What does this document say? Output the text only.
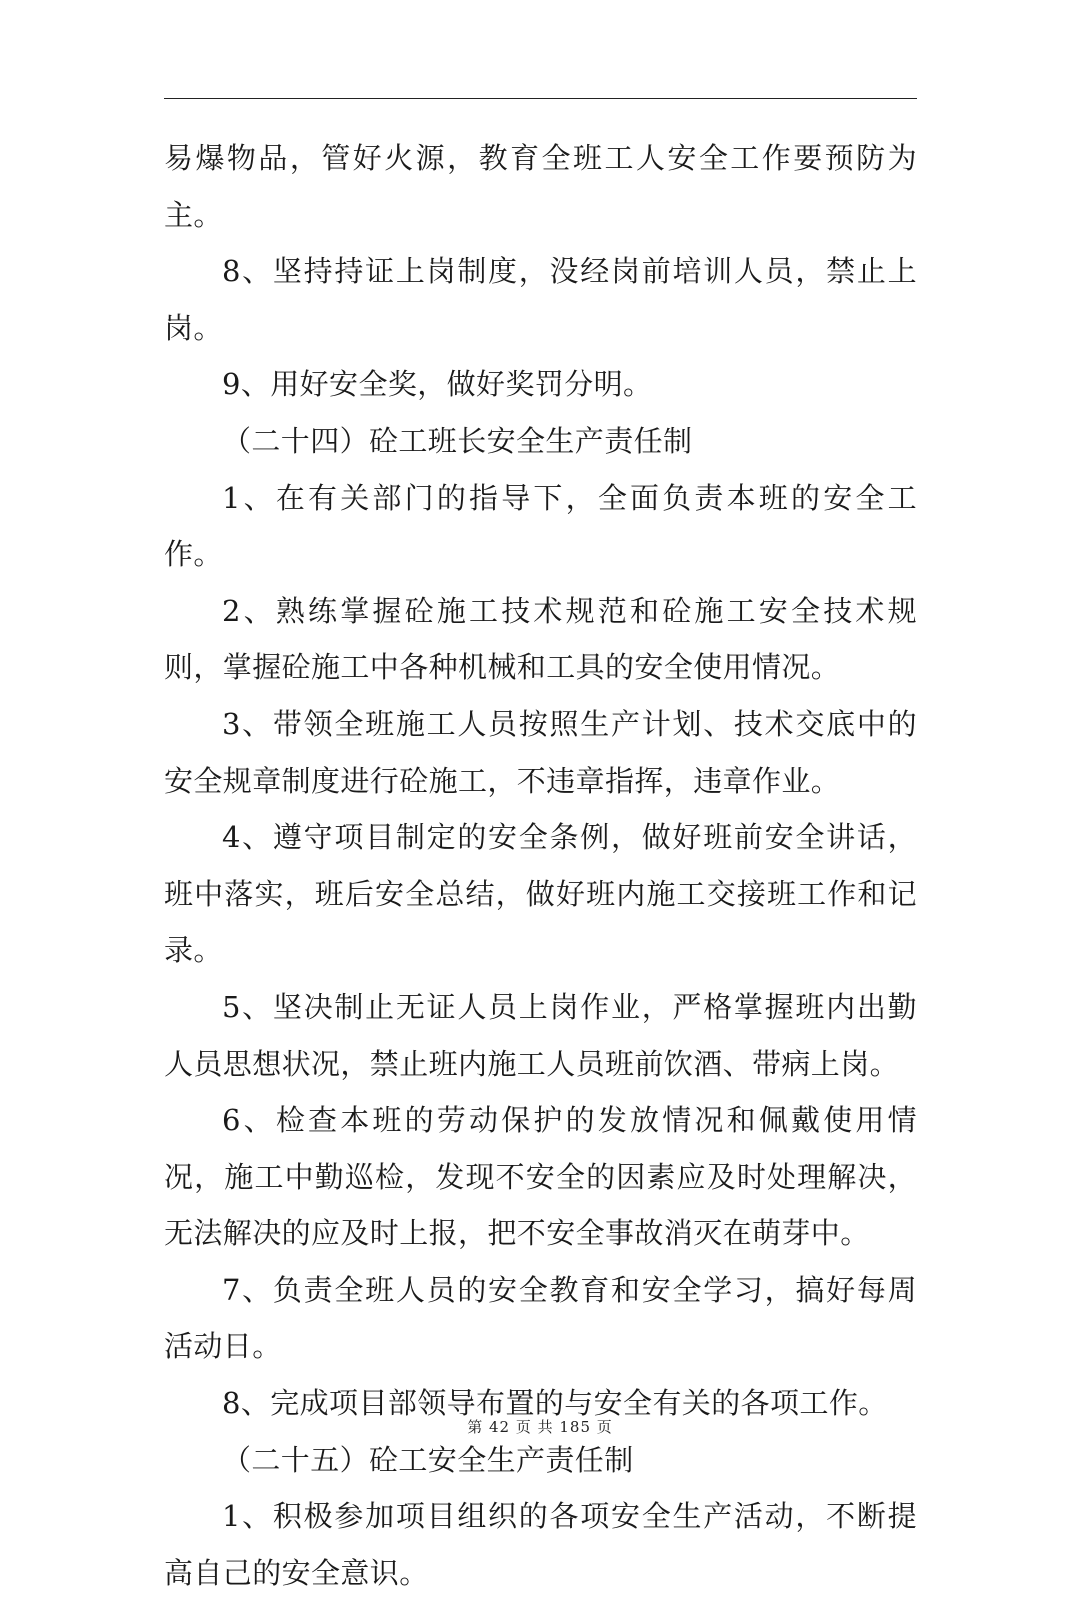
易爆物品，管好火源，教育全班工人安全工作要预防为主。

8、坚持持证上岗制度，没经岗前培训人员，禁止上岗。

9、用好安全奖，做好奖罚分明。

（二十四）砼工班长安全生产责任制

1、在有关部门的指导下，全面负责本班的安全工作。

2、熟练掌握砼施工技术规范和砼施工安全技术规则，掌握砼施工中各种机械和工具的安全使用情况。

3、带领全班施工人员按照生产计划、技术交底中的安全规章制度进行砼施工，不违章指挥，违章作业。

4、遵守项目制定的安全条例，做好班前安全讲话，班中落实，班后安全总结，做好班内施工交接班工作和记录。

5、坚决制止无证人员上岗作业，严格掌握班内出勤人员思想状况，禁止班内施工人员班前饮酒、带病上岗。

6、检查本班的劳动保护的发放情况和佩戴使用情况，施工中勤巡检，发现不安全的因素应及时处理解决，无法解决的应及时上报，把不安全事故消灭在萌芽中。

7、负责全班人员的安全教育和安全学习，搞好每周活动日。

8、完成项目部领导布置的与安全有关的各项工作。

（二十五）砼工安全生产责任制

1、积极参加项目组织的各项安全生产活动，不断提高自己的安全意识。

第 42 页 共 185 页
